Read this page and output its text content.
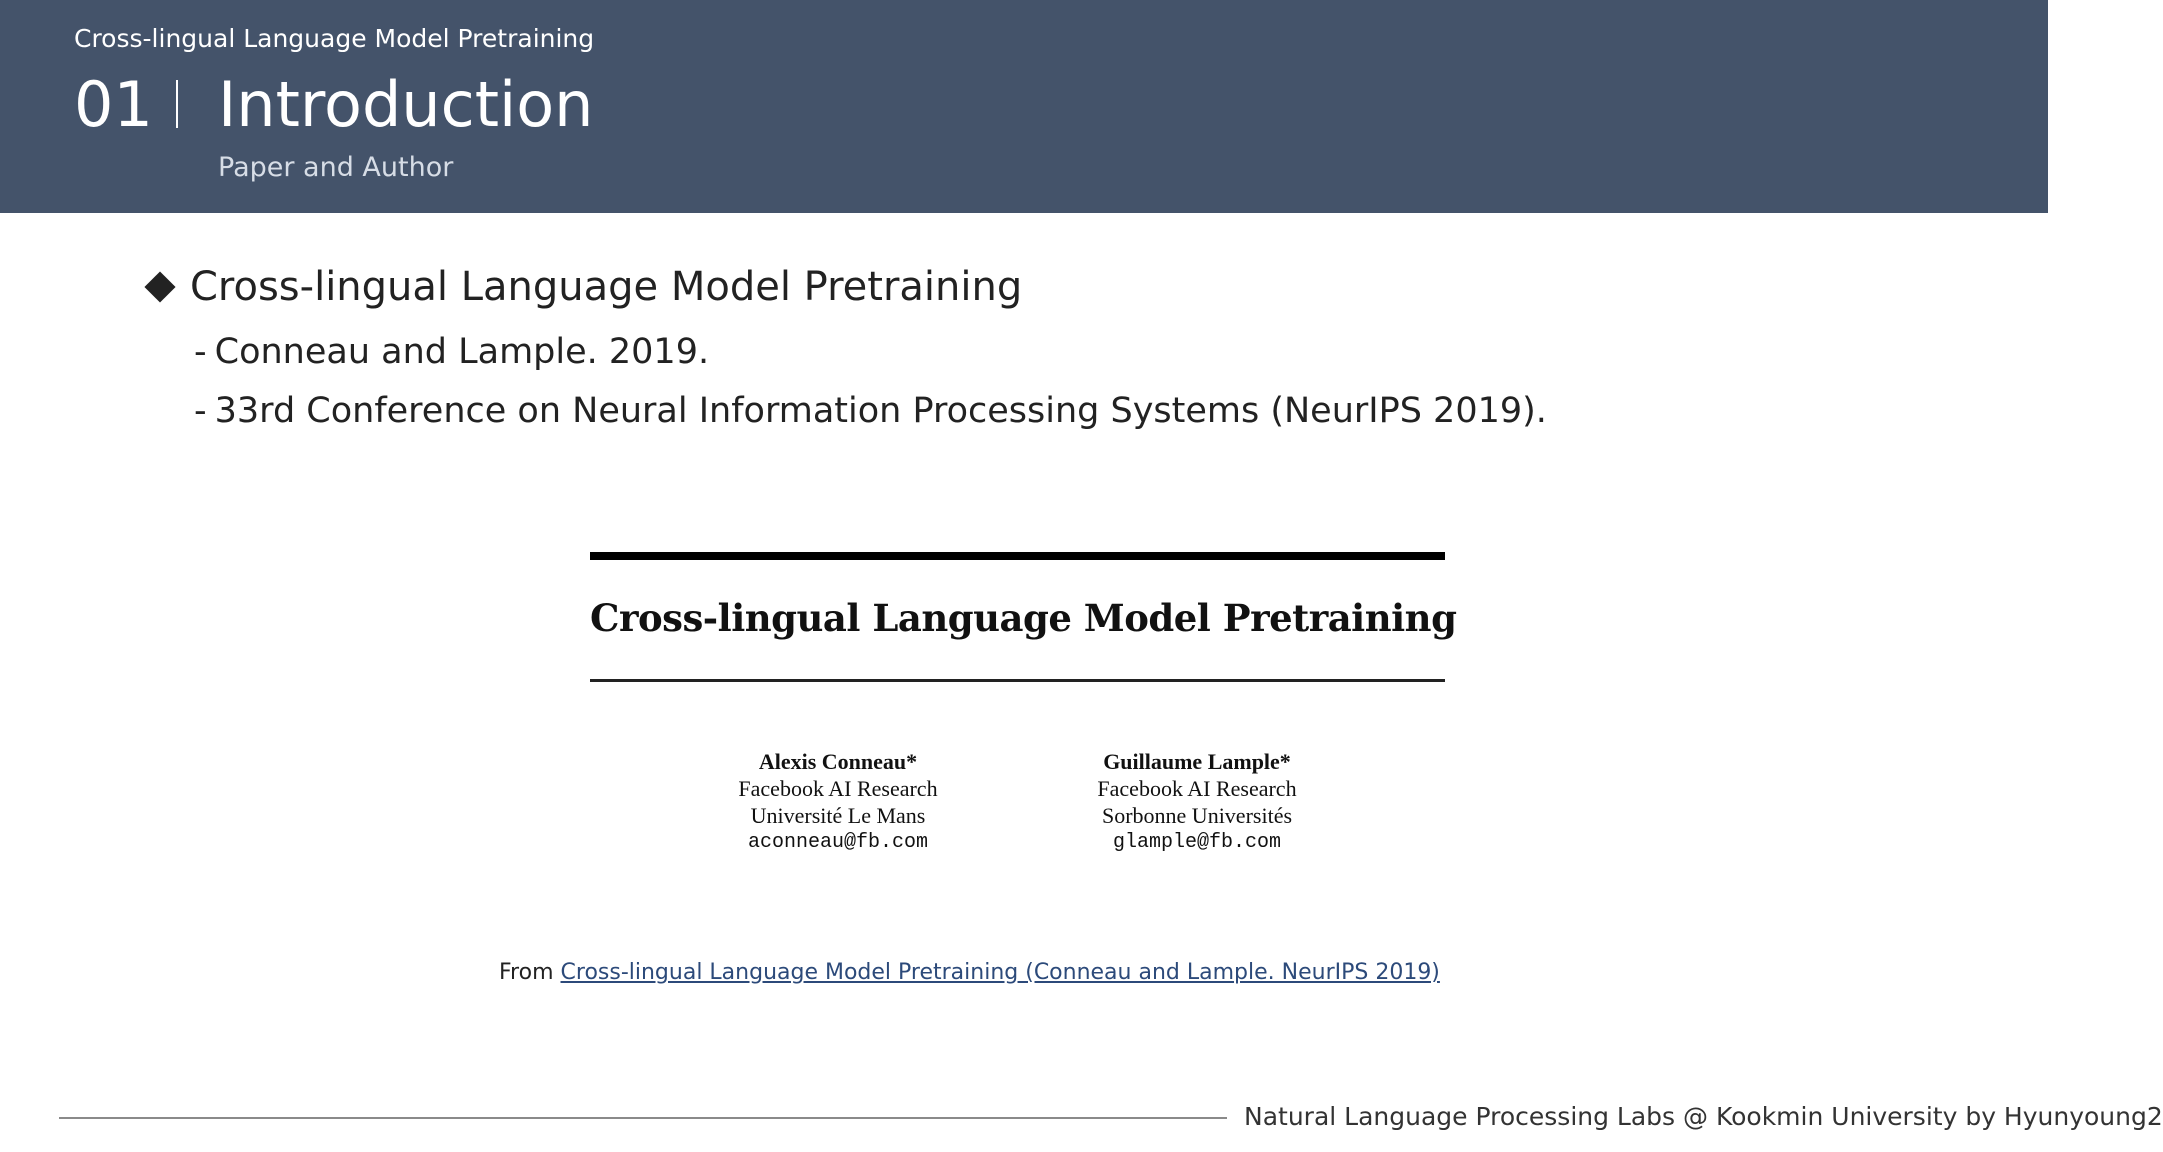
Cross-lingual Language Model Pretraining
01 Introduction
Paper and Author
Cross-lingual Language Model Pretraining
- Conneau and Lample. 2019.
- 33rd Conference on Neural Information Processing Systems (NeurIPS 2019).
Cross-lingual Language Model Pretraining
Alexis Conneau*
Facebook AI Research
Université Le Mans
aconneau@fb.com
Guillaume Lample*
Facebook AI Research
Sorbonne Universités
glample@fb.com
From Cross-lingual Language Model Pretraining (Conneau and Lample. NeurIPS 2019)
Natural Language Processing Labs @ Kookmin University by Hyunyoung2
